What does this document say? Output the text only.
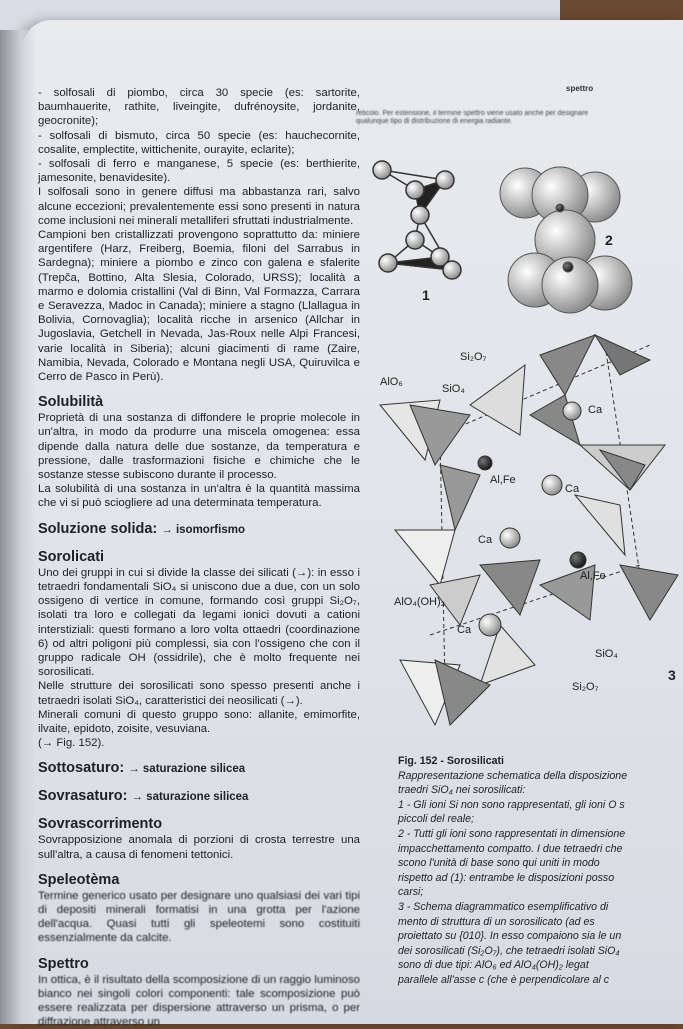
spettro

- solfosali di piombo, circa 30 specie (es: sartorite, baumhauerite, rathite, liveingite, dufrénoysite, jordanite, geocronite);

- solfosali di bismuto, circa 50 specie (es: hauchecornite, cosalite, emplectite, wittichenite, ourayite, eclarite);

- solfosali di ferro e manganese, 5 specie (es: berthierite, jamesonite, benavidesite).

I solfosali sono in genere diffusi ma abbastanza rari, salvo alcune eccezioni; prevalentemente essi sono presenti in natura come inclusioni nei minerali metalliferi sfruttati industrialmente.

Campioni ben cristallizzati provengono soprattutto da: miniere argentifere (Harz, Freiberg, Boemia, filoni del Sarrabus in Sardegna); miniere a piombo e zinco con galena e sfalerite (Trepča, Bottino, Alta Slesia, Colorado, URSS); località a marmo e dolomia cristallini (Val di Binn, Val Formazza, Carrara e Seravezza, Madoc in Canada); miniere a stagno (Llallagua in Bolivia, Cornovaglia); località ricche in arsenico (Allchar in Jugoslavia, Getchell in Nevada, Jas-Roux nelle Alpi Francesi, varie località in Siberia); alcuni giacimenti di rame (Zaire, Namibia, Nevada, Colorado e Montana negli USA, Quiruvilca e Cerro de Pasco in Perù).

Solubilità

Proprietà di una sostanza di diffondere le proprie molecole in un'altra, in modo da produrre una miscela omogenea: essa dipende dalla natura delle due sostanze, da temperatura e pressione, dalle trasformazioni fisiche e chimiche che le sostanze stesse subiscono durante il processo.

La solubilità di una sostanza in un'altra è la quantità massima che vi si può sciogliere ad una determinata temperatura.

Soluzione solida: → isomorfismo
Sorolicati

Uno dei gruppi in cui si divide la classe dei silicati (→): in esso i tetraedri fondamentali SiO₄ si uniscono due a due, con un solo ossigeno di vertice in comune, formando così gruppi Si₂O₇, isolati tra loro e collegati da legami ionici dovuti a cationi interstiziali: questi formano a loro volta ottaedri (coordinazione 6) od altri poligoni più complessi, sia con l'ossigeno che con il gruppo radicale OH (ossidrile), che è molto frequente nei sorosilicati.

Nelle strutture dei sorosilicati sono spesso presenti anche i tetraedri isolati SiO₄, caratteristici dei neosilicati (→).

Minerali comuni di questo gruppo sono: allanite, emimorfite, ilvaite, epidoto, zoisite, vesuviana.

(→ Fig. 152).

Sottosaturo: → saturazione silicea
Sovrasaturo: → saturazione silicea
Sovrascorrimento

Sovrapposizione anomala di porzioni di crosta terrestre una sull'altra, a causa di fenomeni tettonici.

Speleotèma

Termine generico usato per designare uno qualsiasi dei vari tipi di depositi minerali formatisi in una grotta per l'azione dell'acqua. Quasi tutti gli speleotemi sono costituiti essenzialmente da calcite.

Spettro

In ottica, è il risultato della scomposizione di un raggio luminoso bianco nei singoli colori componenti: tale scomposizione può essere realizzata per dispersione attraverso un prisma, o per diffrazione attraverso un

reticolo. Per estensione, il termine spettro viene usato anche per designare qualunque tipo di distribuzione di energia radiante.
1
2
Si₂O₇
AlO₆
SiO₄
Ca
Al,Fe
Ca
Ca
Al,Fe
AlO₄(OH)₂
Ca
SiO₄
Si₂O₇
3
Fig. 152 - Sorosilicati
Rappresentazione schematica della disposizione
traedri SiO₄ nei sorosilicati:
1 - Gli ioni Si non sono rappresentati, gli ioni O s
piccoli del reale;
2 - Tutti gli ioni sono rappresentati in dimensione
impacchettamento compatto. I due tetraedri che
scono l'unità di base sono qui uniti in modo
rispetto ad (1): entrambe le disposizioni posso
carsi;
3 - Schema diagrammatico esemplificativo di
mento di struttura di un sorosilicato (ad es
proiettato su {010}. In esso compaiono sia le un
dei sorosilicati (Si₂O₇), che tetraedri isolati SiO₄
sono di due tipi: AlO₆ ed AlO₄(OH)₂ legat
parallele all'asse c (che è perpendicolare al c
